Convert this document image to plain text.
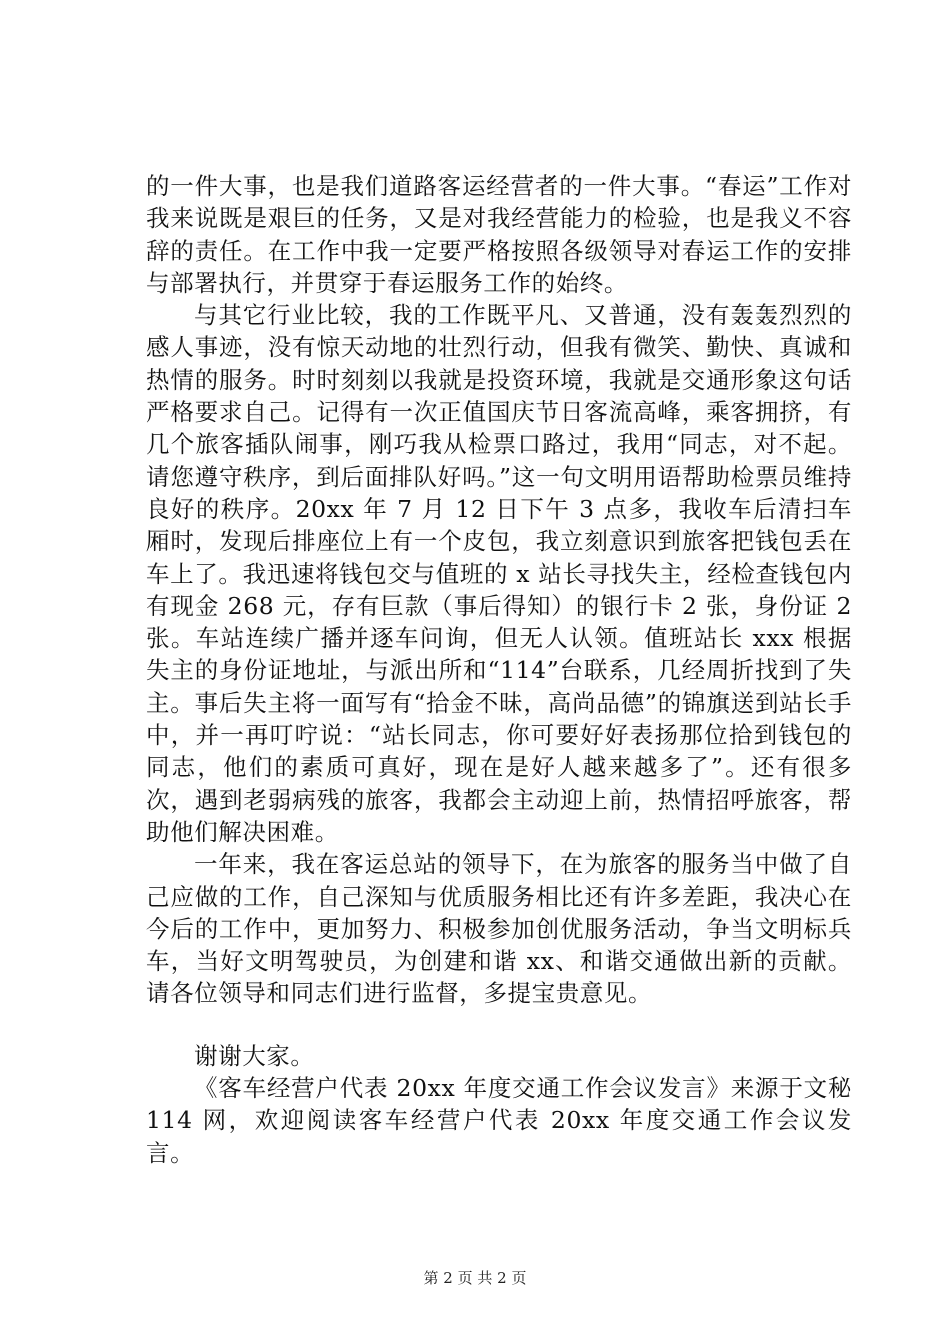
的一件大事，也是我们道路客运经营者的一件大事。“春运”工作对我来说既是艰巨的任务，又是对我经营能力的检验，也是我义不容辞的责任。在工作中我一定要严格按照各级领导对春运工作的安排与部署执行，并贯穿于春运服务工作的始终。

与其它行业比较，我的工作既平凡、又普通，没有轰轰烈烈的感人事迹，没有惊天动地的壮烈行动，但我有微笑、勤快、真诚和热情的服务。时时刻刻以我就是投资环境，我就是交通形象这句话严格要求自己。记得有一次正值国庆节日客流高峰，乘客拥挤，有几个旅客插队闹事，刚巧我从检票口路过，我用“同志，对不起。请您遵守秩序，到后面排队好吗。”这一句文明用语帮助检票员维持良好的秩序。20xx 年 7 月 12 日下午 3 点多，我收车后清扫车厢时，发现后排座位上有一个皮包，我立刻意识到旅客把钱包丢在车上了。我迅速将钱包交与值班的 x 站长寻找失主，经检查钱包内有现金 268 元，存有巨款（事后得知）的银行卡 2 张，身份证 2 张。车站连续广播并逐车问询，但无人认领。值班站长 xxx 根据失主的身份证地址，与派出所和“114”台联系，几经周折找到了失主。事后失主将一面写有“拾金不昧，高尚品德”的锦旗送到站长手中，并一再叮咛说：“站长同志，你可要好好表扬那位拾到钱包的同志，他们的素质可真好，现在是好人越来越多了”。还有很多次，遇到老弱病残的旅客，我都会主动迎上前，热情招呼旅客，帮助他们解决困难。

一年来，我在客运总站的领导下，在为旅客的服务当中做了自己应做的工作，自己深知与优质服务相比还有许多差距，我决心在今后的工作中，更加努力、积极参加创优服务活动，争当文明标兵车，当好文明驾驶员，为创建和谐 xx、和谐交通做出新的贡献。请各位领导和同志们进行监督，多提宝贵意见。

谢谢大家。

《客车经营户代表 20xx 年度交通工作会议发言》来源于文秘 114 网，欢迎阅读客车经营户代表 20xx 年度交通工作会议发言。

第 2 页 共 2 页
